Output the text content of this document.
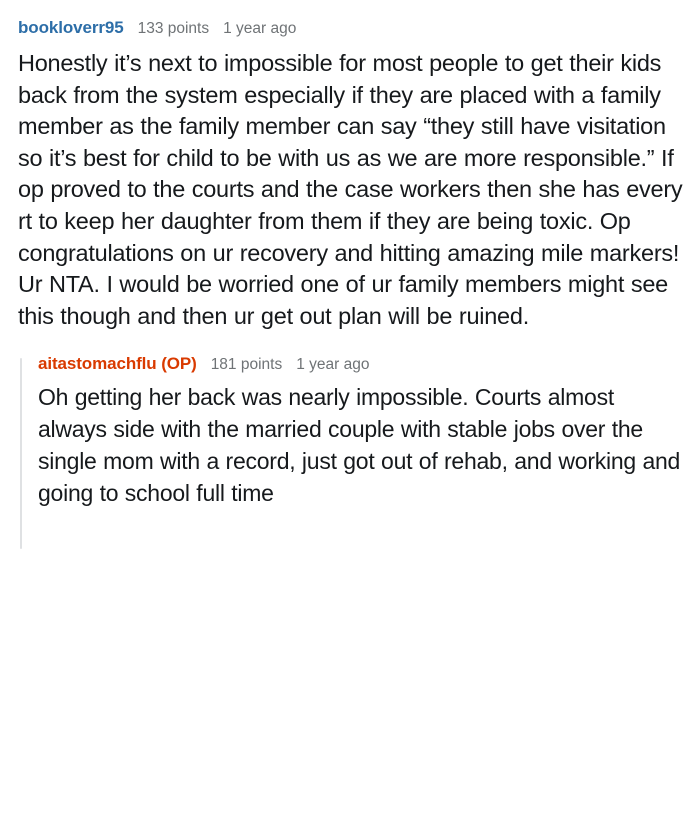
bookloverr95 133 points 1 year ago
Honestly it’s next to impossible for most people to get their kids back from the system especially if they are placed with a family member as the family member can say “they still have visitation so it’s best for child to be with us as we are more responsible.” If op proved to the courts and the case workers then she has every rt to keep her daughter from them if they are being toxic. Op congratulations on ur recovery and hitting amazing mile markers! Ur NTA. I would be worried one of ur family members might see this though and then ur get out plan will be ruined.
aitastomachflu (OP) 181 points 1 year ago
Oh getting her back was nearly impossible. Courts almost always side with the married couple with stable jobs over the single mom with a record, just got out of rehab, and working and going to school full time
